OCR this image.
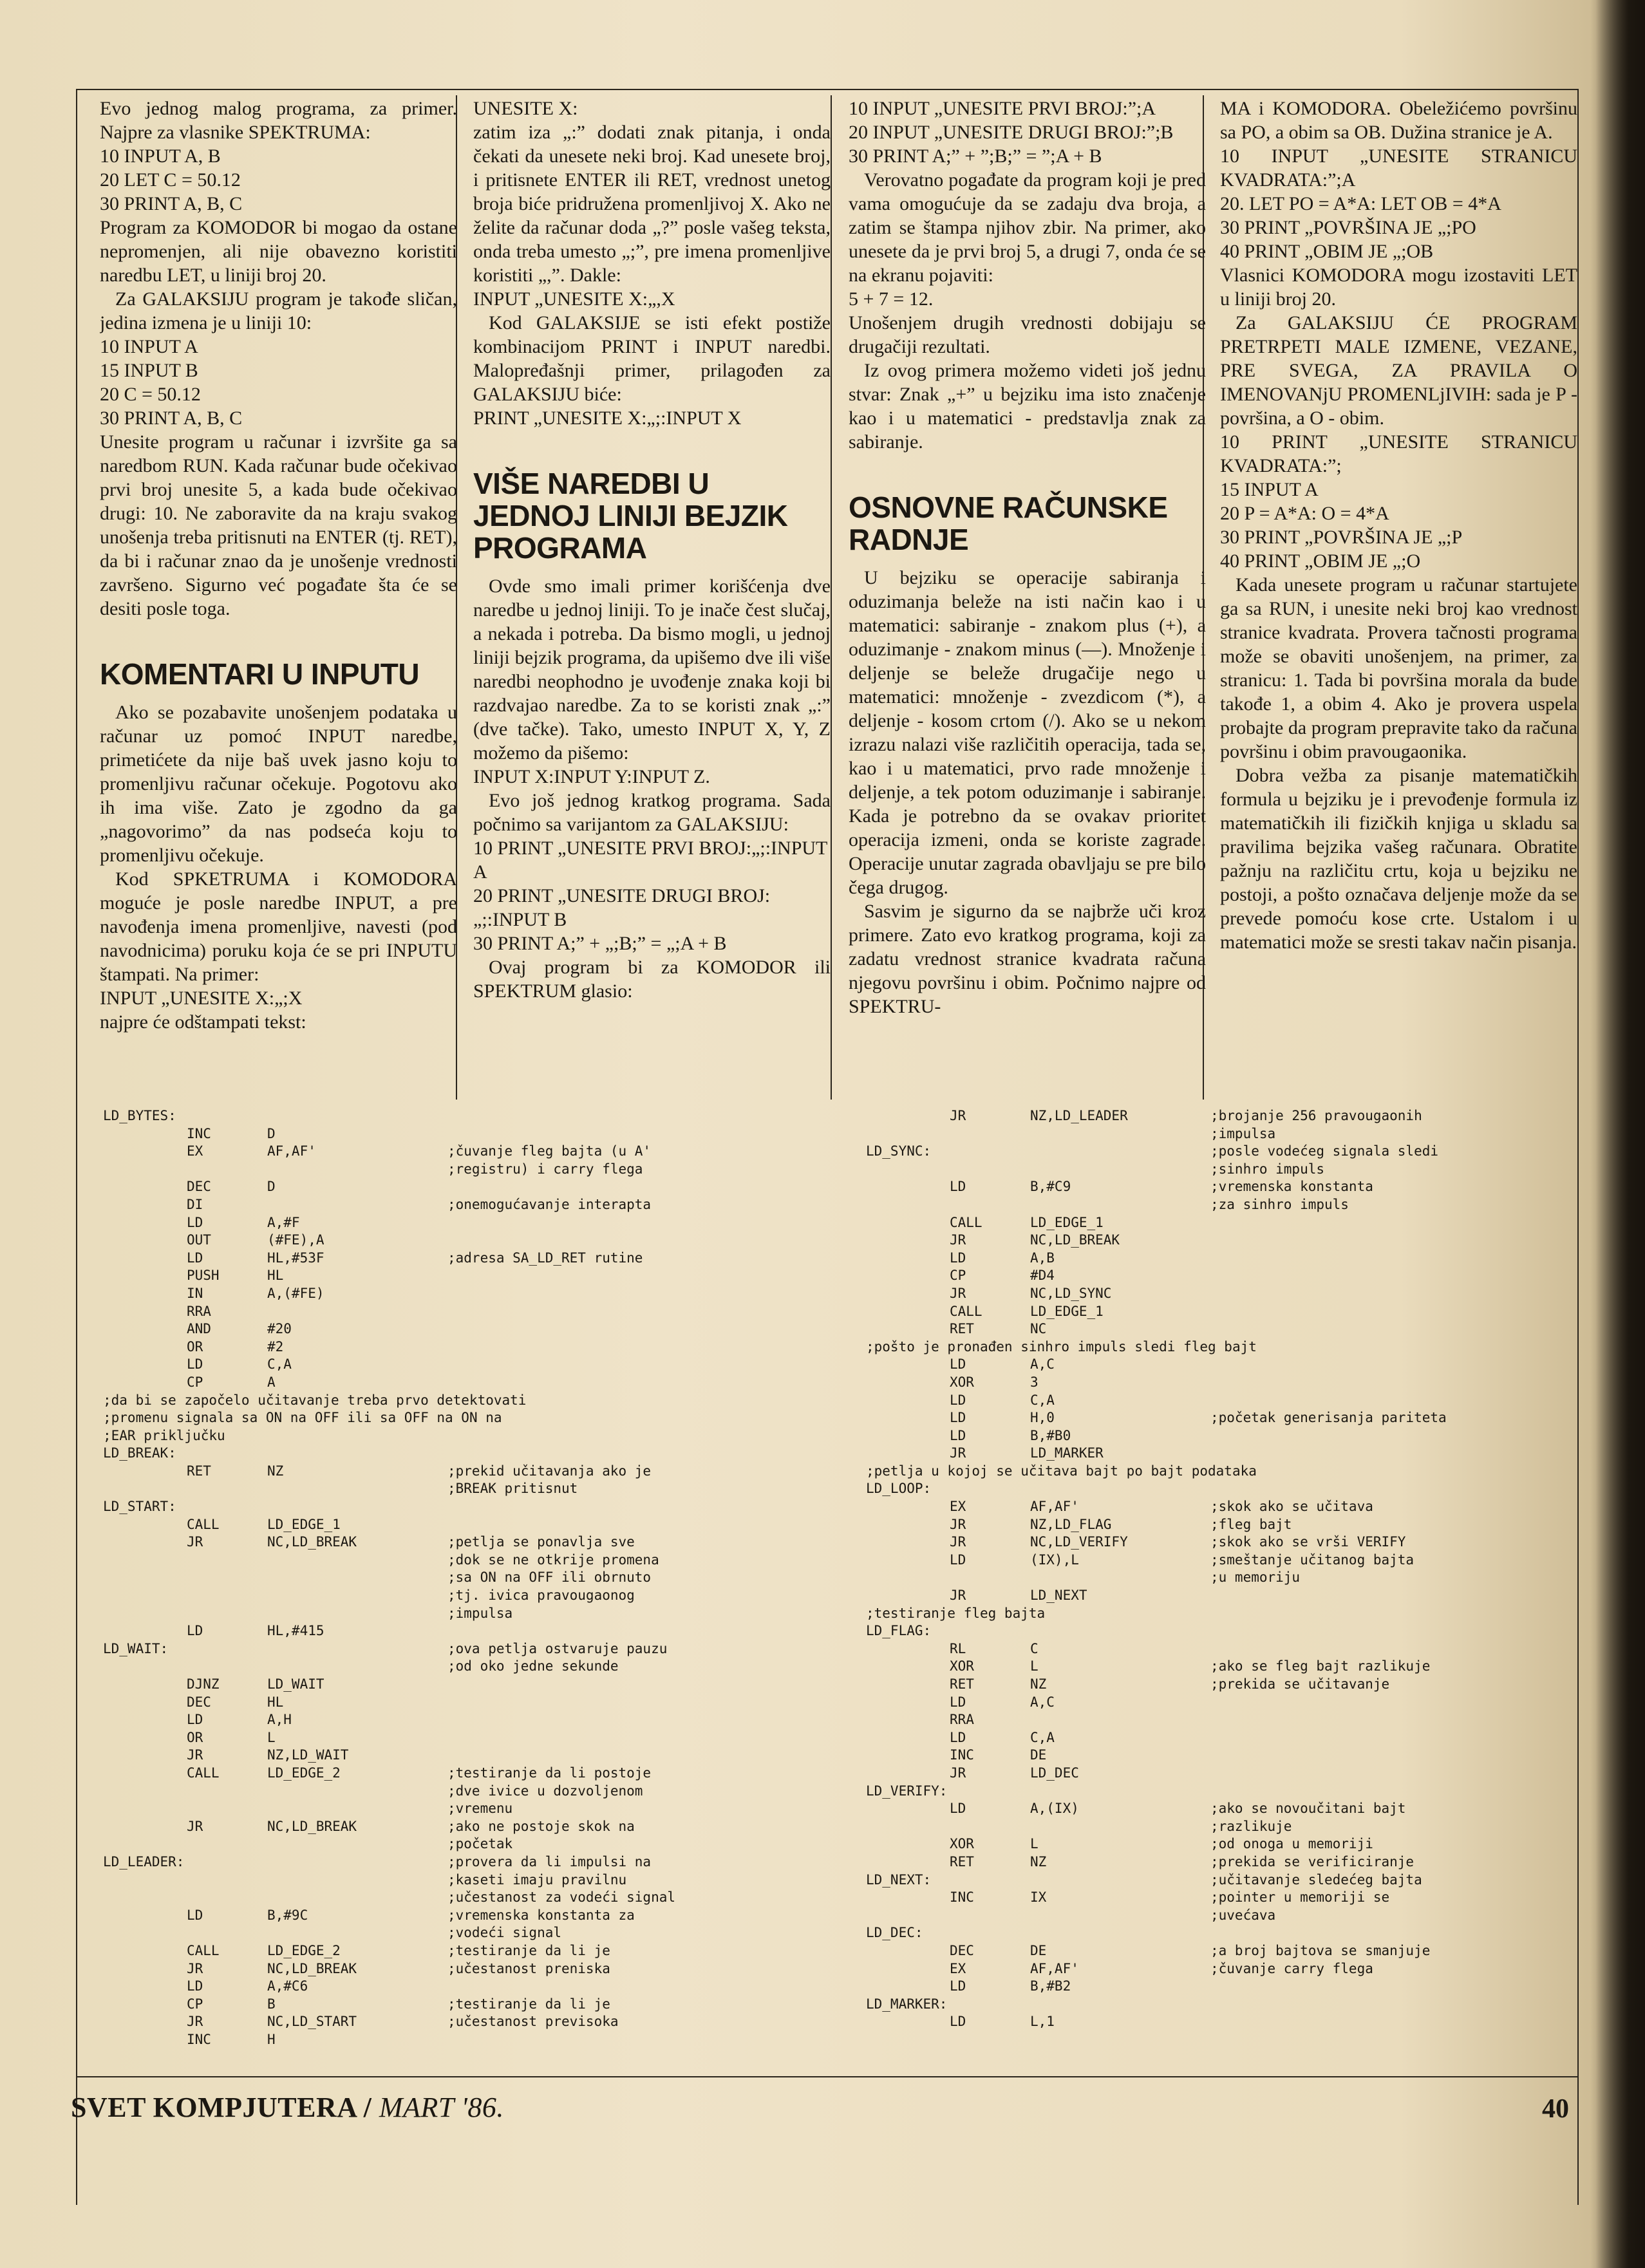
Evo jednog malog programa, za primer. Najpre za vlasnike SPEKTRUMA:

10 INPUT A, B

20 LET C = 50.12

30 PRINT A, B, C

Program za KOMODOR bi mogao da ostane nepromenjen, ali nije obavezno koristiti naredbu LET, u liniji broj 20.

Za GALAKSIJU program je takođe sličan, jedina izmena je u liniji 10:

10 INPUT A

15 INPUT B

20 C = 50.12

30 PRINT A, B, C

Unesite program u računar i izvršite ga sa naredbom RUN. Kada računar bude očekivao prvi broj unesite 5, a kada bude očekivao drugi: 10. Ne zaboravite da na kraju svakog unošenja treba pritisnuti na ENTER (tj. RET), da bi i računar znao da je unošenje vrednosti završeno. Sigurno već pogađate šta će se desiti posle toga.

KOMENTARI U INPUTU

Ako se pozabavite unošenjem podataka u računar uz pomoć INPUT naredbe, primetićete da nije baš uvek jasno koju to promenljivu računar očekuje. Pogotovu ako ih ima više. Zato je zgodno da ga „nagovorimo” da nas podseća koju to promenljivu očekuje.

Kod SPKETRUMA i KOMODORA moguće je posle naredbe INPUT, a pre navođenja imena promenljive, navesti (pod navodnicima) poruku koja će se pri INPUTU štampati. Na primer:

INPUT „UNESITE X:„;X

najpre će odštampati tekst:

UNESITE X:

zatim iza „:” dodati znak pitanja, i onda čekati da unesete neki broj. Kad unesete broj, i pritisnete ENTER ili RET, vrednost unetog broja biće pridružena promenljivoj X. Ako ne želite da računar doda „?” posle vašeg teksta, onda treba umesto „;”, pre imena promenljive koristiti „,”. Dakle:

INPUT „UNESITE X:„,X

Kod GALAKSIJE se isti efekt postiže kombinacijom PRINT i INPUT naredbi. Malopređašnji primer, prilagođen za GALAKSIJU biće:

PRINT „UNESITE X:„;:INPUT X

VIŠE NAREDBI U JEDNOJ LINIJI BEJZIK PROGRAMA

Ovde smo imali primer korišćenja dve naredbe u jednoj liniji. To je inače čest slučaj, a nekada i potreba. Da bismo mogli, u jednoj liniji bejzik programa, da upišemo dve ili više naredbi neophodno je uvođenje znaka koji bi razdvajao naredbe. Za to se koristi znak „:” (dve tačke). Tako, umesto INPUT X, Y, Z možemo da pišemo:

INPUT X:INPUT Y:INPUT Z.

Evo još jednog kratkog programa. Sada počnimo sa varijantom za GALAKSIJU:

10 PRINT „UNESITE PRVI BROJ:„;:INPUT A

20 PRINT „UNESITE DRUGI BROJ:„;:INPUT B

30 PRINT A;” + „;B;” = „;A + B

Ovaj program bi za KOMODOR ili SPEKTRUM glasio:

10 INPUT „UNESITE PRVI BROJ:”;A

20 INPUT „UNESITE DRUGI BROJ:”;B

30 PRINT A;” + ”;B;” = ”;A + B

Verovatno pogađate da program koji je pred vama omogućuje da se zadaju dva broja, a zatim se štampa njihov zbir. Na primer, ako unesete da je prvi broj 5, a drugi 7, onda će se na ekranu pojaviti:

5 + 7 = 12.

Unošenjem drugih vrednosti dobijaju se drugačiji rezultati.

Iz ovog primera možemo videti još jednu stvar: Znak „+” u bejziku ima isto značenje kao i u matematici - predstavlja znak za sabiranje.

OSNOVNE RAČUNSKE RADNJE

U bejziku se operacije sabiranja i oduzimanja beleže na isti način kao i u matematici: sabiranje - znakom plus (+), a oduzimanje - znakom minus (—). Množenje i deljenje se beleže drugačije nego u matematici: množenje - zvezdicom (*), a deljenje - kosom crtom (/). Ako se u nekom izrazu nalazi više različitih operacija, tada se, kao i u matematici, prvo rade množenje i deljenje, a tek potom oduzimanje i sabiranje. Kada je potrebno da se ovakav prioritet operacija izmeni, onda se koriste zagrade. Operacije unutar zagrada obavljaju se pre bilo čega drugog.

Sasvim je sigurno da se najbrže uči kroz primere. Zato evo kratkog programa, koji za zadatu vrednost stranice kvadrata računa njegovu površinu i obim. Počnimo najpre od SPEKTRU-

MA i KOMODORA. Obeležićemo površinu sa PO, a obim sa OB. Dužina stranice je A.

10 INPUT „UNESITE STRANICU KVADRATA:”;A

20. LET PO = A*A: LET OB = 4*A

30 PRINT „POVRŠINA JE „;PO

40 PRINT „OBIM JE „;OB

Vlasnici KOMODORA mogu izostaviti LET u liniji broj 20.

Za GALAKSIJU ĆE PROGRAM PRETRPETI MALE IZMENE, VEZANE, PRE SVEGA, ZA PRAVILA O IMENOVANjU PROMENLjIVIH: sada je P - površina, a O - obim.

10 PRINT „UNESITE STRANICU KVADRATA:”;

15 INPUT A

20 P = A*A: O = 4*A

30 PRINT „POVRŠINA JE „;P

40 PRINT „OBIM JE „;O

Kada unesete program u računar startujete ga sa RUN, i unesite neki broj kao vrednost stranice kvadrata. Provera tačnosti programa može se obaviti unošenjem, na primer, za stranicu: 1. Tada bi površina morala da bude takođe 1, a obim 4. Ako je provera uspela probajte da program prepravite tako da računa površinu i obim pravougaonika.

Dobra vežba za pisanje matematičkih formula u bejziku je i prevođenje formula iz matematičkih ili fizičkih knjiga u skladu sa pravilima bejzika vašeg računara. Obratite pažnju na različitu crtu, koja u bejziku ne postoji, a pošto označava deljenje može da se prevede pomoću kose crte. Ustalom i u matematici može se sresti takav način pisanja.

LD_BYTES:
INC	D
EX	AF,AF'	;čuvanje fleg bajta (u A'
;registru) i carry flega
DEC	D
DI	;onemogućavanje interapta
LD	A,#F
OUT	(#FE),A
LD	HL,#53F	;adresa SA_LD_RET rutine
PUSH	HL
IN	A,(#FE)
RRA
AND	#20
OR	#2
LD	C,A
CP	A
;da bi se započelo učitavanje treba prvo detektovati
;promenu signala sa ON na OFF ili sa OFF na ON na
;EAR priključku
LD_BREAK:
RET	NZ	;prekid učitavanja ako je
;BREAK pritisnut
LD_START:
CALL	LD_EDGE_1
JR	NC,LD_BREAK	;petlja se ponavlja sve
;dok se ne otkrije promena
;sa ON na OFF ili obrnuto
;tj. ivica pravougaonog
;impulsa
LD	HL,#415
LD_WAIT:	;ova petlja ostvaruje pauzu
;od oko jedne sekunde
DJNZ	LD_WAIT
DEC	HL
LD	A,H
OR	L
JR	NZ,LD_WAIT
CALL	LD_EDGE_2	;testiranje da li postoje
;dve ivice u dozvoljenom
;vremenu
JR	NC,LD_BREAK	;ako ne postoje skok na
;početak
LD_LEADER:	;provera da li impulsi na
;kaseti imaju pravilnu
;učestanost za vodeći signal
LD	B,#9C	;vremenska konstanta za
;vodeći signal
CALL	LD_EDGE_2	;testiranje da li je
JR	NC,LD_BREAK	;učestanost preniska
LD	A,#C6
CP	B	;testiranje da li je
JR	NC,LD_START	;učestanost previsoka
INC	H
JR	NZ,LD_LEADER	;brojanje 256 pravougaonih
;impulsa
LD_SYNC:	;posle vodećeg signala sledi
;sinhro impuls
LD	B,#C9	;vremenska konstanta
;za sinhro impuls
CALL	LD_EDGE_1
JR	NC,LD_BREAK
LD	A,B
CP	#D4
JR	NC,LD_SYNC
CALL	LD_EDGE_1
RET	NC
;pošto je pronađen sinhro impuls sledi fleg bajt
LD	A,C
XOR	3
LD	C,A
LD	H,0	;početak generisanja pariteta
LD	B,#B0
JR	LD_MARKER
;petlja u kojoj se učitava bajt po bajt podataka
LD_LOOP:
EX	AF,AF'	;skok ako se učitava
JR	NZ,LD_FLAG	;fleg bajt
JR	NC,LD_VERIFY	;skok ako se vrši VERIFY
LD	(IX),L	;smeštanje učitanog bajta
;u memoriju
JR	LD_NEXT
;testiranje fleg bajta
LD_FLAG:
RL	C
XOR	L	;ako se fleg bajt razlikuje
RET	NZ	;prekida se učitavanje
LD	A,C
RRA
LD	C,A
INC	DE
JR	LD_DEC
LD_VERIFY:
LD	A,(IX)	;ako se novoučitani bajt
;razlikuje
XOR	L	;od onoga u memoriji
RET	NZ	;prekida se verificiranje
LD_NEXT:	;učitavanje sledećeg bajta
INC	IX	;pointer u memoriji se
;uvećava
LD_DEC:
DEC	DE	;a broj bajtova se smanjuje
EX	AF,AF'	;čuvanje carry flega
LD	B,#B2
LD_MARKER:
LD	L,1
SVET KOMPJUTERA / MART '86.	40
